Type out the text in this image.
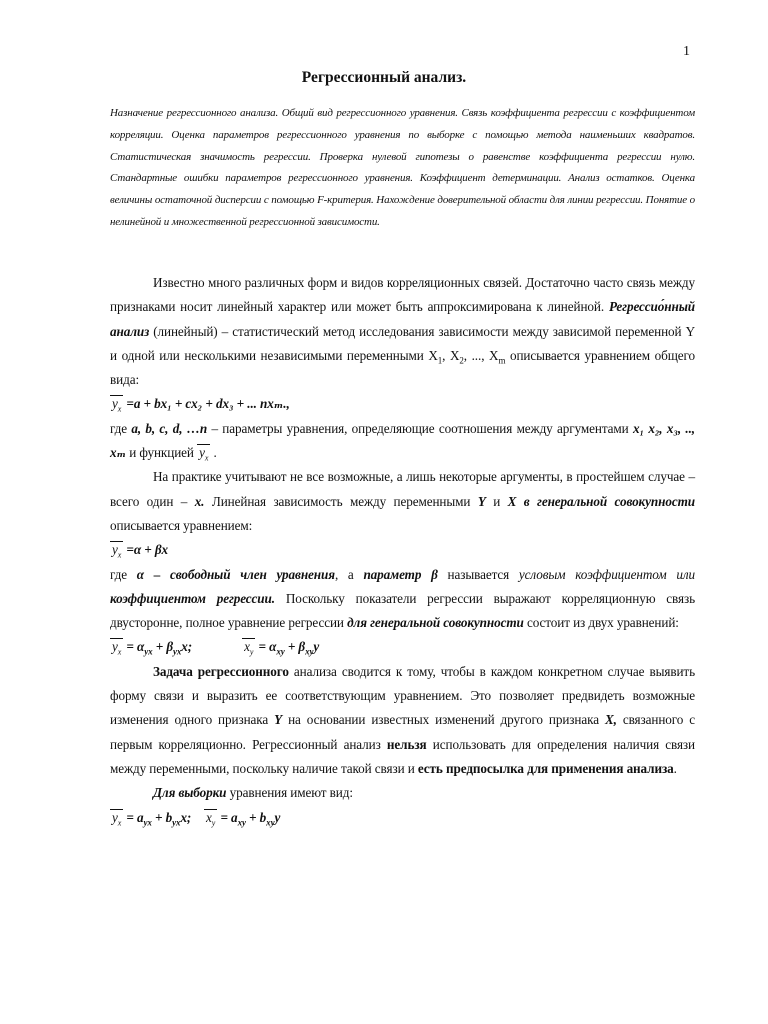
1
Регрессионный анализ.
Назначение регрессионного анализа. Общий вид регрессионного уравнения. Связь коэффициента регрессии с коэффициентом корреляции. Оценка параметров регрессионного уравнения по выборке с помощью метода наименьших квадратов. Статистическая значимость регрессии. Проверка нулевой гипотезы о равенстве коэффициента регрессии нулю. Стандартные ошибки параметров регрессионного уравнения. Коэффициент детерминации. Анализ остатков. Оценка величины остаточной дисперсии с помощью F-критерия. Нахождение доверительной области для линии регрессии. Понятие о нелинейной и множественной регрессионной зависимости.

Известно много различных форм и видов корреляционных связей. Достаточно часто связь между признаками носит линейный характер или может быть аппроксимирована к линейной. Регрессио́нный анализ (линейный) – статистический метод исследования зависимости между зависимой переменной Y и одной или несколькими независимыми переменными $X_1$, $X_2$, ..., $X_m$ описывается уравнением общего вида:

$y_x =a + bx_1 + cx_2 + dx_3$ + ... nxₘ.,

где a, b, c, d, …n – параметры уравнения, определяющие соотношения между аргументами x₁ x₂, x₃, .., xₘ и функцией $y_x$ .

На практике учитывают не все возможные, а лишь некоторые аргументы, в простейшем случае – всего один – x. Линейная зависимость между переменными Y и X в генеральной совокупности описывается уравнением:

$y_x =\alpha + \beta x$

где α – свободный член уравнения, а параметр β называется условым коэффициентом или коэффициентом регрессии. Поскольку показатели регрессии выражают корреляционную связь двусторонне, полное уравнение регрессии для генеральной совокупности состоит из двух уравнений:

$y_x = \alpha_{yx} + \beta_{yx}x$;	$x_y = \alpha_{xy} + \beta_{xy}y$

Задача регрессионного анализа сводится к тому, чтобы в каждом конкретном случае выявить форму связи и выразить ее соответствующим уравнением. Это позволяет предвидеть возможные изменения одного признака Y на основании известных изменений другого признака X, связанного с первым корреляционно. Регрессионный анализ нельзя использовать для определения наличия связи между переменными, поскольку наличие такой связи и есть предпосылка для применения анализа.

Для выборки уравнения имеют вид:

$y_x = a_{yx} + b_{yx}x$; $x_y = a_{xy} + b_{xy}y$
